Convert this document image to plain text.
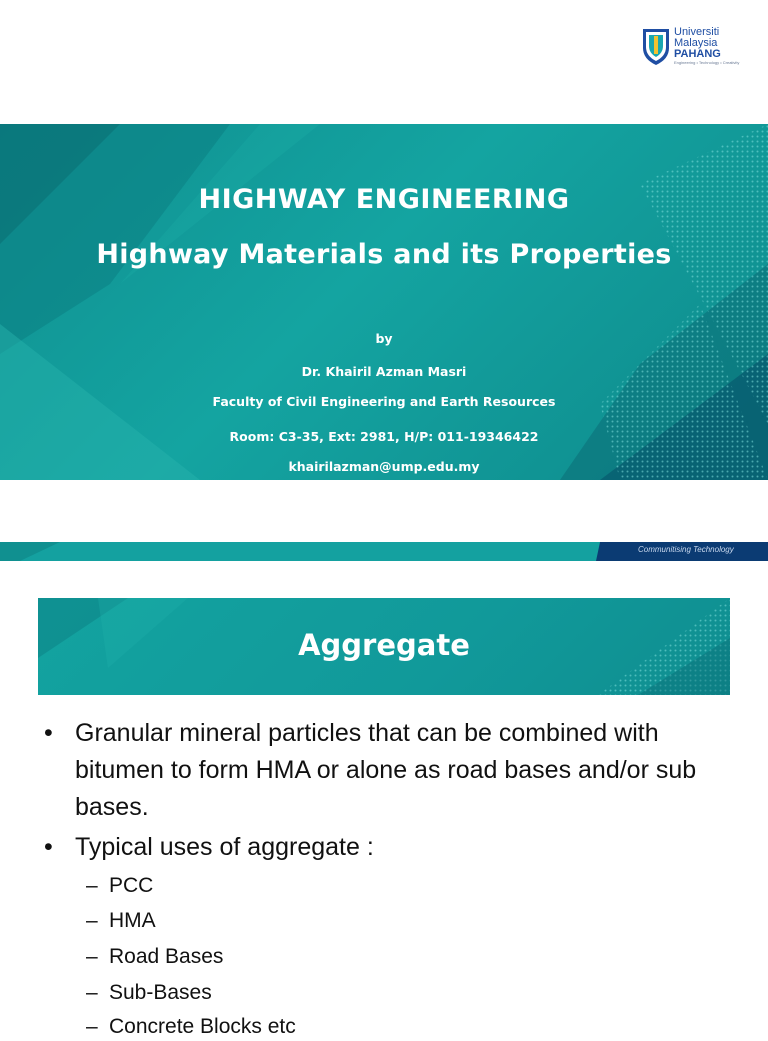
Universiti
Malaysia
PAHANG
Engineering • Technology • Creativity
HIGHWAY ENGINEERING
Highway Materials and its Properties
by
Dr. Khairil Azman Masri
Faculty of Civil Engineering and Earth Resources
Room: C3-35, Ext: 2981, H/P: 011-19346422
khairilazman@ump.edu.my
Communitising Technology
Aggregate
• Granular mineral particles that can be combined with bitumen to form HMA or alone as road bases and/or sub bases.
• Typical uses of aggregate :
– PCC
– HMA
– Road Bases
– Sub-Bases
– Concrete Blocks etc
